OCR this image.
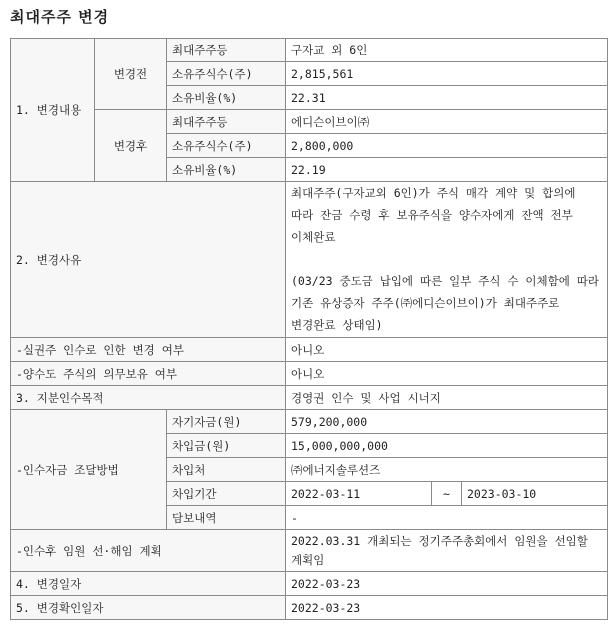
최대주주 변경
1. 변경내용	변경전	최대주주등	구자교 외 6인		
		소유주식수(주)	2,815,561		
		소유비율(%)	22.31		
	변경후	최대주주등	에디슨이브이㈜		
		소유주식수(주)	2,800,000		
		소유비율(%)	22.19		
2. 변경사유			최대주주(구자교외 6인)가 주식 매각 계약 및 합의에 따라 잔금 수령 후 보유주식을 양수자에게 잔액 전부 이체완료
(03/23 중도금 납입에 따른 일부 주식 수 이체함에 따라 기존 유상증자 주주(㈜에디슨이브이)가 최대주주로 변경완료 상태임)		
-실권주 인수로 인한 변경 여부			아니오		
-양수도 주식의 의무보유 여부			아니오		
3. 지분인수목적			경영권 인수 및 사업 시너지		
-인수자금 조달방법		자기자금(원)	579,200,000		
		차입금(원)	15,000,000,000		
		차입처	㈜에너지솔루션즈		
		차입기간	2022-03-11	~	2023-03-10
		담보내역	-		
-인수후 임원 선·해임 계획			2022.03.31 개최되는 정기주주총회에서 임원을 선임할 계획임		
4. 변경일자			2022-03-23		
5. 변경확인일자			2022-03-23		
